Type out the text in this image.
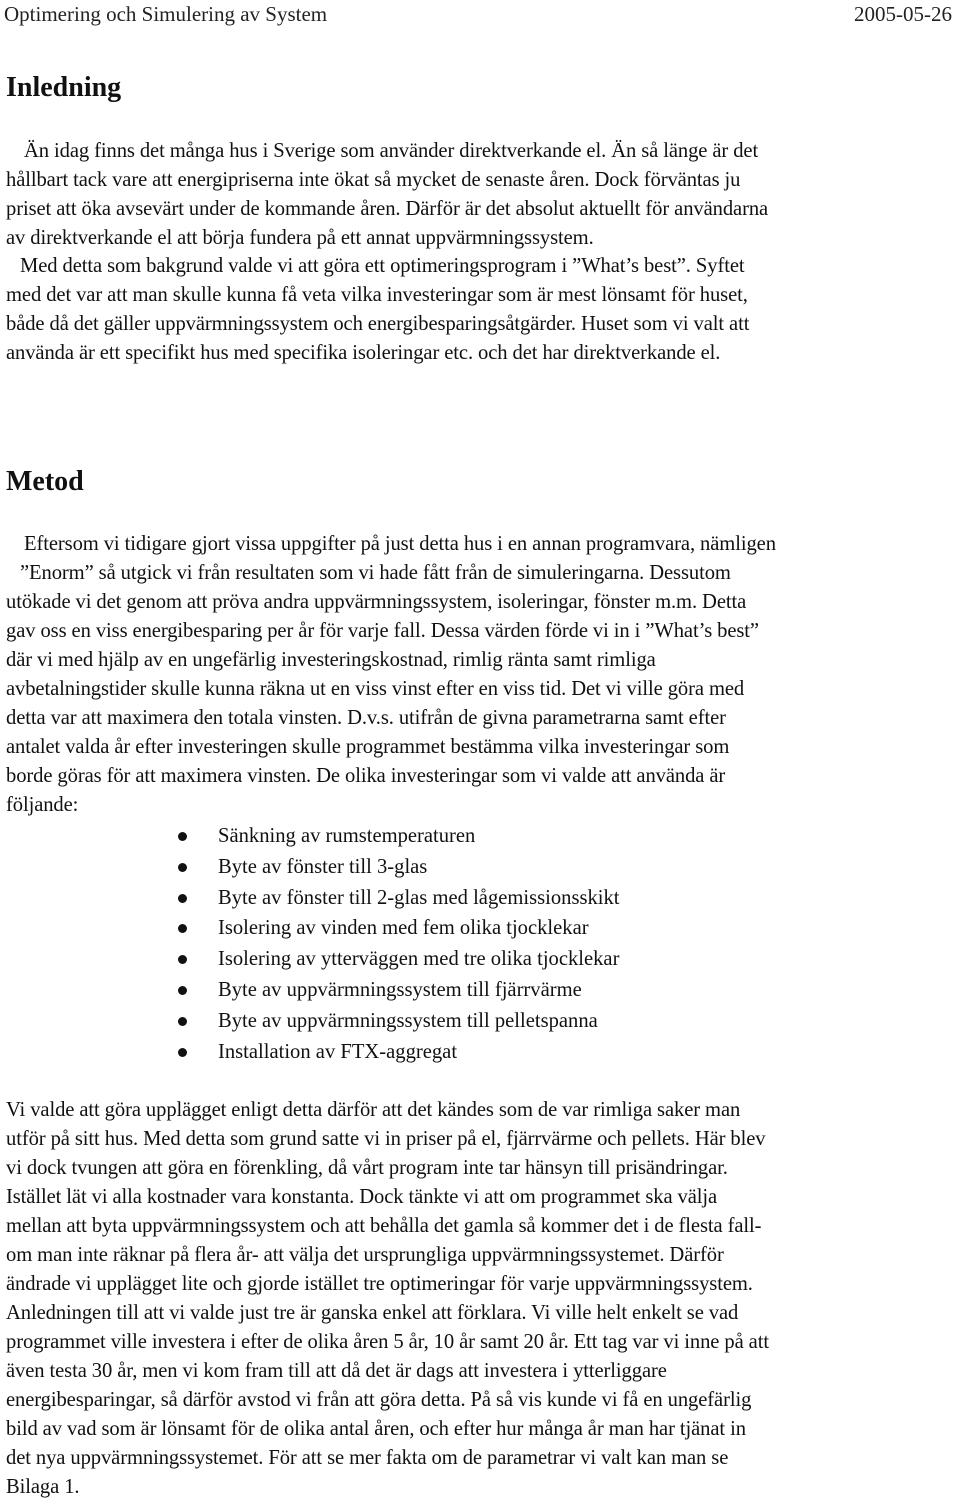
Optimering och Simulering av System	2005-05-26
Inledning

Än idag finns det många hus i Sverige som använder direktverkande el. Än så länge är det
hållbart tack vare att energipriserna inte ökat så mycket de senaste åren. Dock förväntas ju
priset att öka avsevärt under de kommande åren. Därför är det absolut aktuellt för användarna
av direktverkande el att börja fundera på ett annat uppvärmningssystem.

Med detta som bakgrund valde vi att göra ett optimeringsprogram i ”What’s best”. Syftet
med det var att man skulle kunna få veta vilka investeringar som är mest lönsamt för huset,
både då det gäller uppvärmningssystem och energibesparingsåtgärder. Huset som vi valt att
använda är ett specifikt hus med specifika isoleringar etc. och det har direktverkande el.

Metod

Eftersom vi tidigare gjort vissa uppgifter på just detta hus i en annan programvara, nämligen
”Enorm” så utgick vi från resultaten som vi hade fått från de simuleringarna. Dessutom
utökade vi det genom att pröva andra uppvärmningssystem, isoleringar, fönster m.m. Detta
gav oss en viss energibesparing per år för varje fall. Dessa värden förde vi in i ”What’s best”
där vi med hjälp av en ungefärlig investeringskostnad, rimlig ränta samt rimliga
avbetalningstider skulle kunna räkna ut en viss vinst efter en viss tid. Det vi ville göra med
detta var att maximera den totala vinsten. D.v.s. utifrån de givna parametrarna samt efter
antalet valda år efter investeringen skulle programmet bestämma vilka investeringar som
borde göras för att maximera vinsten. De olika investeringar som vi valde att använda är
följande:

Sänkning av rumstemperaturen
Byte av fönster till 3-glas
Byte av fönster till 2-glas med lågemissionsskikt
Isolering av vinden med fem olika tjocklekar
Isolering av ytterväggen med tre olika tjocklekar
Byte av uppvärmningssystem till fjärrvärme
Byte av uppvärmningssystem till pelletspanna
Installation av FTX-aggregat

Vi valde att göra upplägget enligt detta därför att det kändes som de var rimliga saker man
utför på sitt hus. Med detta som grund satte vi in priser på el, fjärrvärme och pellets. Här blev
vi dock tvungen att göra en förenkling, då vårt program inte tar hänsyn till prisändringar.
Istället lät vi alla kostnader vara konstanta. Dock tänkte vi att om programmet ska välja
mellan att byta uppvärmningssystem och att behålla det gamla så kommer det i de flesta fall-
om man inte räknar på flera år- att välja det ursprungliga uppvärmningssystemet. Därför
ändrade vi upplägget lite och gjorde istället tre optimeringar för varje uppvärmningssystem.
Anledningen till att vi valde just tre är ganska enkel att förklara. Vi ville helt enkelt se vad
programmet ville investera i efter de olika åren 5 år, 10 år samt 20 år. Ett tag var vi inne på att
även testa 30 år, men vi kom fram till att då det är dags att investera i ytterliggare
energibesparingar, så därför avstod vi från att göra detta. På så vis kunde vi få en ungefärlig
bild av vad som är lönsamt för de olika antal åren, och efter hur många år man har tjänat in
det nya uppvärmningssystemet. För att se mer fakta om de parametrar vi valt kan man se
Bilaga 1.
